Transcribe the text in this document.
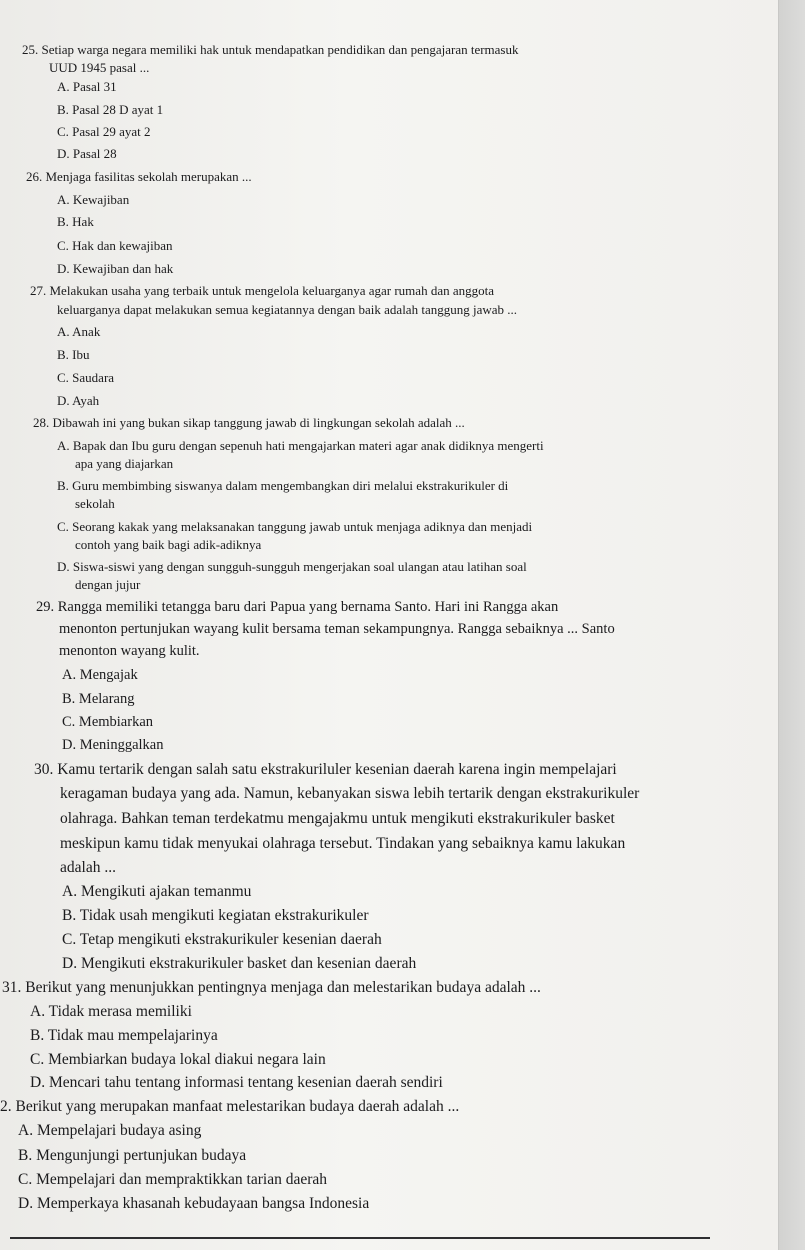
25. Setiap warga negara memiliki hak untuk mendapatkan pendidikan dan pengajaran termasuk
UUD 1945 pasal ...
A. Pasal 31
B. Pasal 28 D ayat 1
C. Pasal 29 ayat 2
D. Pasal 28
26. Menjaga fasilitas sekolah merupakan ...
A. Kewajiban
B. Hak
C. Hak dan kewajiban
D. Kewajiban dan hak
27. Melakukan usaha yang terbaik untuk mengelola keluarganya agar rumah dan anggota
keluarganya dapat melakukan semua kegiatannya dengan baik adalah tanggung jawab ...
A. Anak
B. Ibu
C. Saudara
D. Ayah
28. Dibawah ini yang bukan sikap tanggung jawab di lingkungan sekolah adalah ...
A. Bapak dan Ibu guru dengan sepenuh hati mengajarkan materi agar anak didiknya mengerti
apa yang diajarkan
B. Guru membimbing siswanya dalam mengembangkan diri melalui ekstrakurikuler di
sekolah
C. Seorang kakak yang melaksanakan tanggung jawab untuk menjaga adiknya dan menjadi
contoh yang baik bagi adik-adiknya
D. Siswa-siswi yang dengan sungguh-sungguh mengerjakan soal ulangan atau latihan soal
dengan jujur
29. Rangga memiliki tetangga baru dari Papua yang bernama Santo. Hari ini Rangga akan
menonton pertunjukan wayang kulit bersama teman sekampungnya. Rangga sebaiknya ... Santo
menonton wayang kulit.
A. Mengajak
B. Melarang
C. Membiarkan
D. Meninggalkan
30. Kamu tertarik dengan salah satu ekstrakuriluler kesenian daerah karena ingin mempelajari
keragaman budaya yang ada. Namun, kebanyakan siswa lebih tertarik dengan ekstrakurikuler
olahraga. Bahkan teman terdekatmu mengajakmu untuk mengikuti ekstrakurikuler basket
meskipun kamu tidak menyukai olahraga tersebut. Tindakan yang sebaiknya kamu lakukan
adalah ...
A. Mengikuti ajakan temanmu
B. Tidak usah mengikuti kegiatan ekstrakurikuler
C. Tetap mengikuti ekstrakurikuler kesenian daerah
D. Mengikuti ekstrakurikuler basket dan kesenian daerah
31. Berikut yang menunjukkan pentingnya menjaga dan melestarikan budaya adalah ...
A. Tidak merasa memiliki
B. Tidak mau mempelajarinya
C. Membiarkan budaya lokal diakui negara lain
D. Mencari tahu tentang informasi tentang kesenian daerah sendiri
2. Berikut yang merupakan manfaat melestarikan budaya daerah adalah ...
A. Mempelajari budaya asing
B. Mengunjungi pertunjukan budaya
C. Mempelajari dan mempraktikkan tarian daerah
D. Memperkaya khasanah kebudayaan bangsa Indonesia
